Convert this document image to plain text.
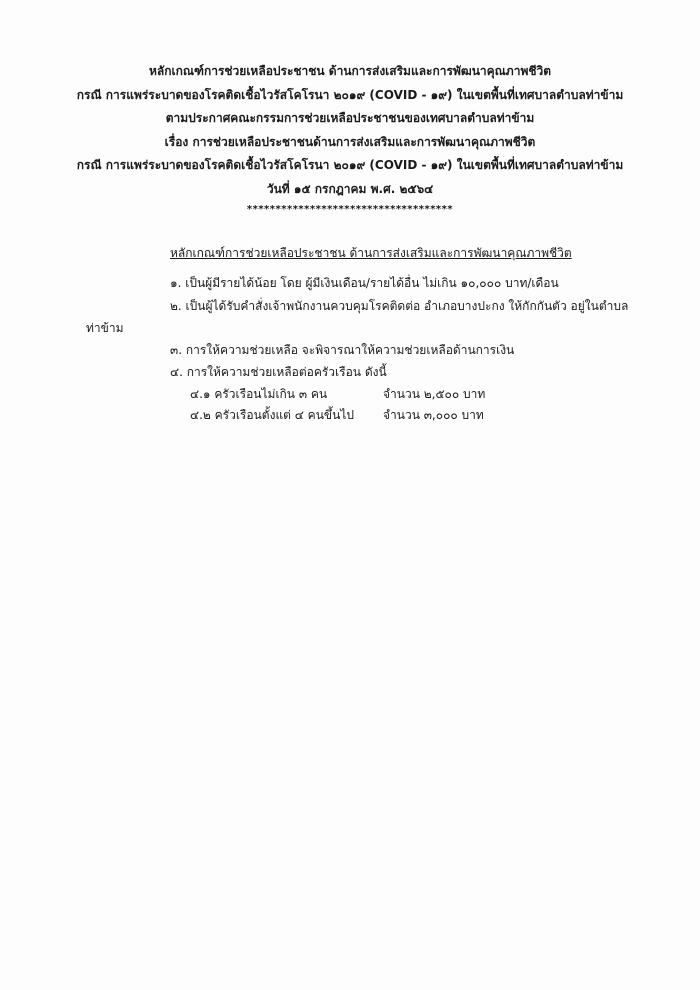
หลักเกณฑ์การช่วยเหลือประชาชน ด้านการส่งเสริมและการพัฒนาคุณภาพชีวิต
กรณี การแพร่ระบาดของโรคติดเชื้อไวรัสโคโรนา ๒๐๑๙ (COVID - ๑๙) ในเขตพื้นที่เทศบาลตำบลท่าข้าม
ตามประกาศคณะกรรมการช่วยเหลือประชาชนของเทศบาลตำบลท่าข้าม
เรื่อง การช่วยเหลือประชาชนด้านการส่งเสริมและการพัฒนาคุณภาพชีวิต
กรณี การแพร่ระบาดของโรคติดเชื้อไวรัสโคโรนา ๒๐๑๙ (COVID - ๑๙) ในเขตพื้นที่เทศบาลตำบลท่าข้าม
วันที่ ๑๕ กรกฎาคม พ.ศ. ๒๕๖๔
************************************
หลักเกณฑ์การช่วยเหลือประชาชน ด้านการส่งเสริมและการพัฒนาคุณภาพชีวิต
๑. เป็นผู้มีรายได้น้อย โดย ผู้มีเงินเดือน/รายได้อื่น ไม่เกิน ๑๐,๐๐๐ บาท/เดือน
๒. เป็นผู้ได้รับคำสั่งเจ้าพนักงานควบคุมโรคติดต่อ อำเภอบางปะกง ให้กักกันตัว อยู่ในตำบล
ท่าข้าม
๓. การให้ความช่วยเหลือ จะพิจารณาให้ความช่วยเหลือด้านการเงิน
๔. การให้ความช่วยเหลือต่อครัวเรือน ดังนี้
๔.๑ ครัวเรือนไม่เกิน ๓ คน	จำนวน ๒,๕๐๐ บาท
๔.๒ ครัวเรือนตั้งแต่ ๔ คนขึ้นไป จำนวน ๓,๐๐๐ บาท
